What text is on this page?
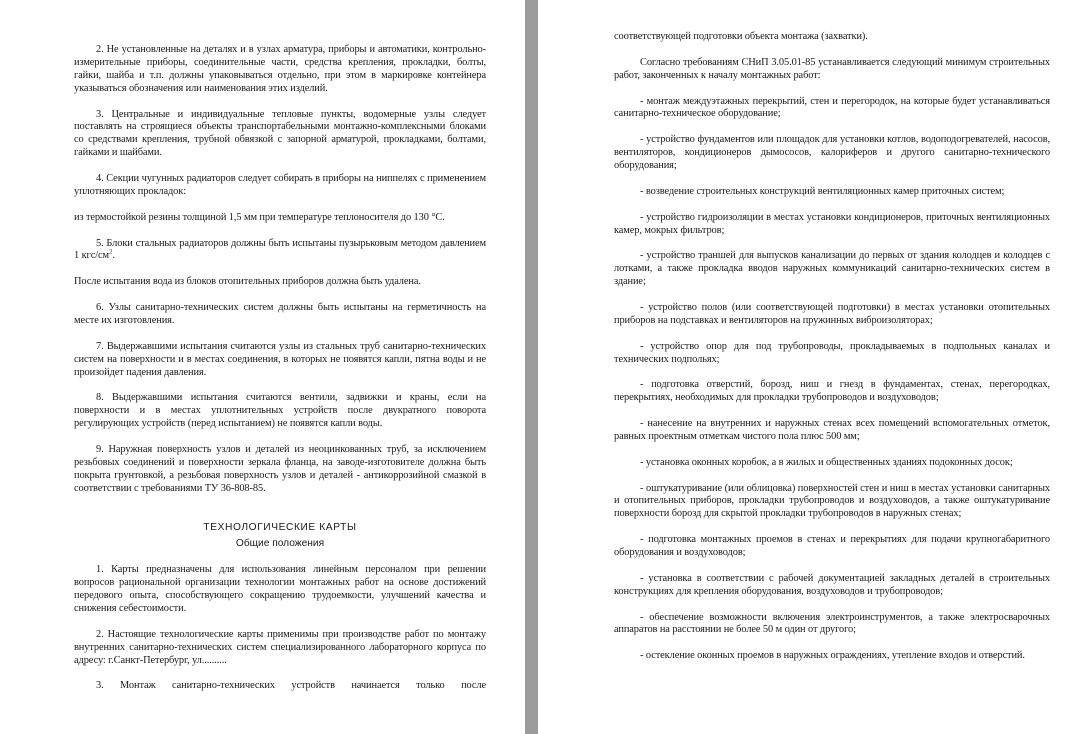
2. Не установленные на деталях и в узлах арматура, приборы и автоматики, контрольно-измерительные приборы, соединительные части, средства крепления, прокладки, болты, гайки, шайба и т.п. должны упаковываться отдельно, при этом в маркировке контейнера указываться обозначения или наименования этих изделий.

3. Центральные и индивидуальные тепловые пункты, водомерные узлы следует поставлять на строящиеся объекты транспортабельными монтажно-комплексными блоками со средствами крепления, трубной обвязкой с запорной арматурой, прокладками, болтами, гайками и шайбами.

4. Секции чугунных радиаторов следует собирать в приборы на ниппелях с применением уплотняющих прокладок:

из термостойкой резины толщиной 1,5 мм при температуре теплоносителя до 130 °С.

5. Блоки стальных радиаторов должны быть испытаны пузырьковым методом давлением 1 кгс/$см^2$.

После испытания вода из блоков отопительных приборов должна быть удалена.

6. Узлы санитарно-технических систем должны быть испытаны на герметичность на месте их изготовления.

7. Выдержавшими испытания считаются узлы из стальных труб санитарно-технических систем на поверхности и в местах соединения, в которых не появятся капли, пятна воды и не произойдет падения давления.

8. Выдержавшими испытания считаются вентили, задвижки и краны, если на поверхности и в местах уплотнительных устройств после двукратного поворота регулирующих устройств (перед испытанием) не появятся капли воды.

9. Наружная поверхность узлов и деталей из неоцинкованных труб, за исключением резьбовых соединений и поверхности зеркала фланца, на заводе-изготовителе должна быть покрыта грунтовкой, а резьбовая поверхность узлов и деталей - антикоррозийной смазкой в соответствии с требованиями ТУ 36-808-85.

ТЕХНОЛОГИЧЕСКИЕ КАРТЫ
Общие положения

1. Карты предназначены для использования линейным персоналом при решении вопросов рациональной организации технологии монтажных работ на основе достижений передового опыта, способствующего сокращению трудоемкости, улучшений качества и снижения себестоимости.

2. Настоящие технологические карты применимы при производстве работ по монтажу внутренних санитарно-технических систем специализированного лабораторного корпуса по адресу: г.Санкт-Петербург, ул..........

3. Монтаж санитарно-технических устройств начинается только после

соответствующей подготовки объекта монтажа (захватки).

Согласно требованиям СНиП 3.05.01-85 устанавливается следующий минимум строительных работ, законченных к началу монтажных работ:

- монтаж междуэтажных перекрытий, стен и перегородок, на которые будет устанавливаться санитарно-техническое оборудование;

- устройство фундаментов или площадок для установки котлов, водоподогревателей, насосов, вентиляторов, кондиционеров дымососов, калориферов и другого санитарно-технического оборудования;

- возведение строительных конструкций вентиляционных камер приточных систем;

- устройство гидроизоляции в местах установки кондиционеров, приточных вентиляционных камер, мокрых фильтров;

- устройство траншей для выпусков канализации до первых от здания колодцев и колодцев с лотками, а также прокладка вводов наружных коммуникаций санитарно-технических систем в здание;

- устройство полов (или соответствующей подготовки) в местах установки отопительных приборов на подставках и вентиляторов на пружинных виброизоляторах;

- устройство опор для под трубопроводы, прокладываемых в подпольных каналах и технических подпольях;

- подготовка отверстий, борозд, ниш и гнезд в фундаментах, стенах, перегородках, перекрытиях, необходимых для прокладки трубопроводов и воздуховодов;

- нанесение на внутренних и наружных стенах всех помещений вспомогательных отметок, равных проектным отметкам чистого пола плюс 500 мм;

- установка оконных коробок, а в жилых и общественных зданиях подоконных досок;

- оштукатуривание (или облицовка) поверхностей стен и ниш в местах установки санитарных и отопительных приборов, прокладки трубопроводов и воздуховодов, а также оштукатуривание поверхности борозд для скрытой прокладки трубопроводов в наружных стенах;

- подготовка монтажных проемов в стенах и перекрытиях для подачи крупногабаритного оборудования и воздуховодов;

- установка в соответствии с рабочей документацией закладных деталей в строительных конструкциях для крепления оборудования, воздуховодов и трубопроводов;

- обеспечение возможности включения электроинструментов, а также электросварочных аппаратов на расстоянии не более 50 м один от другого;

- остекление оконных проемов в наружных ограждениях, утепление входов и отверстий.
